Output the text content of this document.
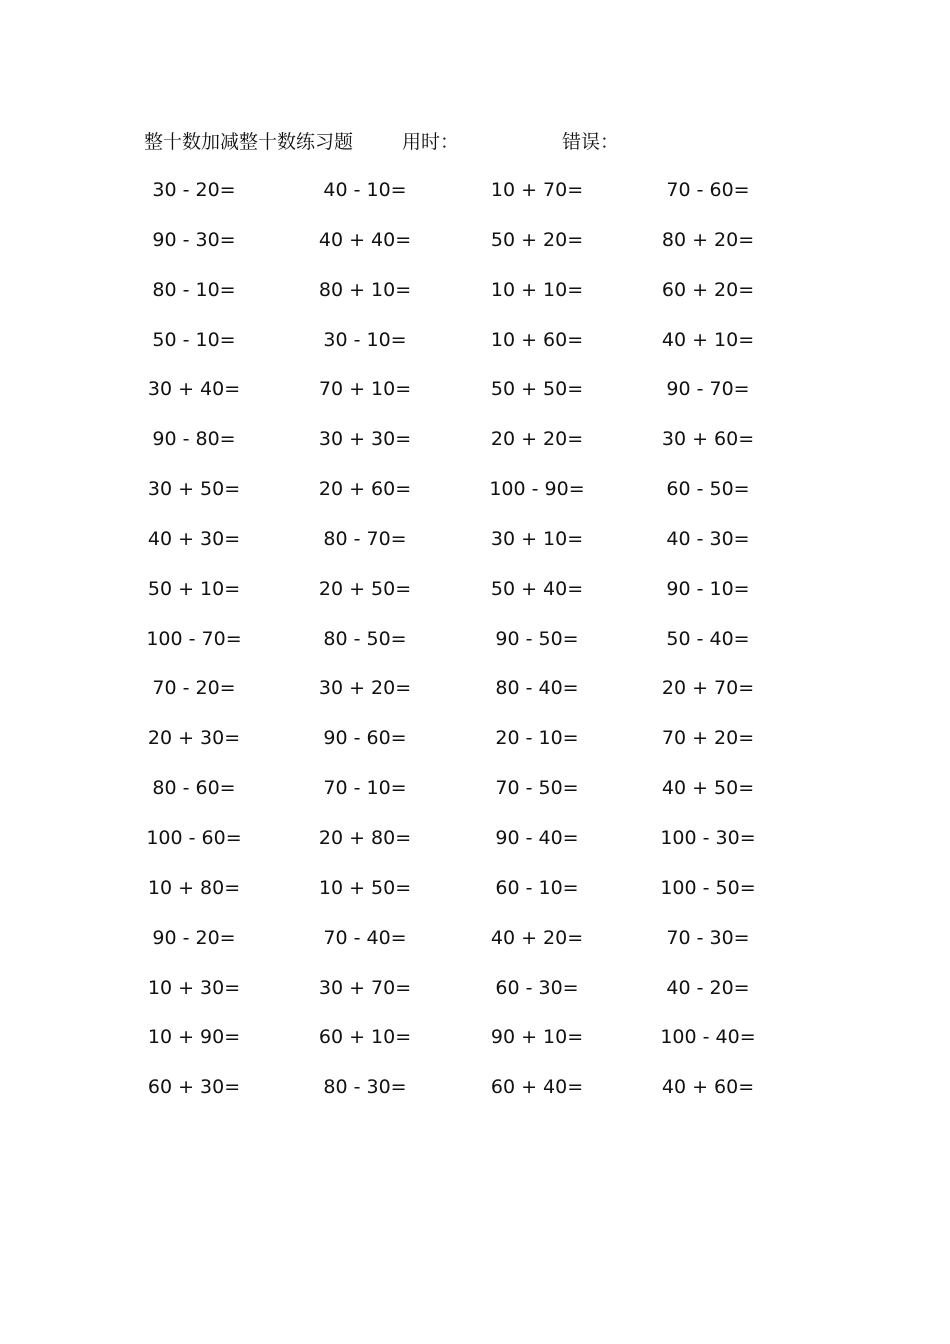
整十数加减整十数练习题	用时：	错误：
30 - 20=	40 - 10=	10 + 70=	70 - 60=
90 - 30=	40 + 40=	50 + 20=	80 + 20=
80 - 10=	80 + 10=	10 + 10=	60 + 20=
50 - 10=	30 - 10=	10 + 60=	40 + 10=
30 + 40=	70 + 10=	50 + 50=	90 - 70=
90 - 80=	30 + 30=	20 + 20=	30 + 60=
30 + 50=	20 + 60=	100 - 90=	60 - 50=
40 + 30=	80 - 70=	30 + 10=	40 - 30=
50 + 10=	20 + 50=	50 + 40=	90 - 10=
100 - 70=	80 - 50=	90 - 50=	50 - 40=
70 - 20=	30 + 20=	80 - 40=	20 + 70=
20 + 30=	90 - 60=	20 - 10=	70 + 20=
80 - 60=	70 - 10=	70 - 50=	40 + 50=
100 - 60=	20 + 80=	90 - 40=	100 - 30=
10 + 80=	10 + 50=	60 - 10=	100 - 50=
90 - 20=	70 - 40=	40 + 20=	70 - 30=
10 + 30=	30 + 70=	60 - 30=	40 - 20=
10 + 90=	60 + 10=	90 + 10=	100 - 40=
60 + 30=	80 - 30=	60 + 40=	40 + 60=
